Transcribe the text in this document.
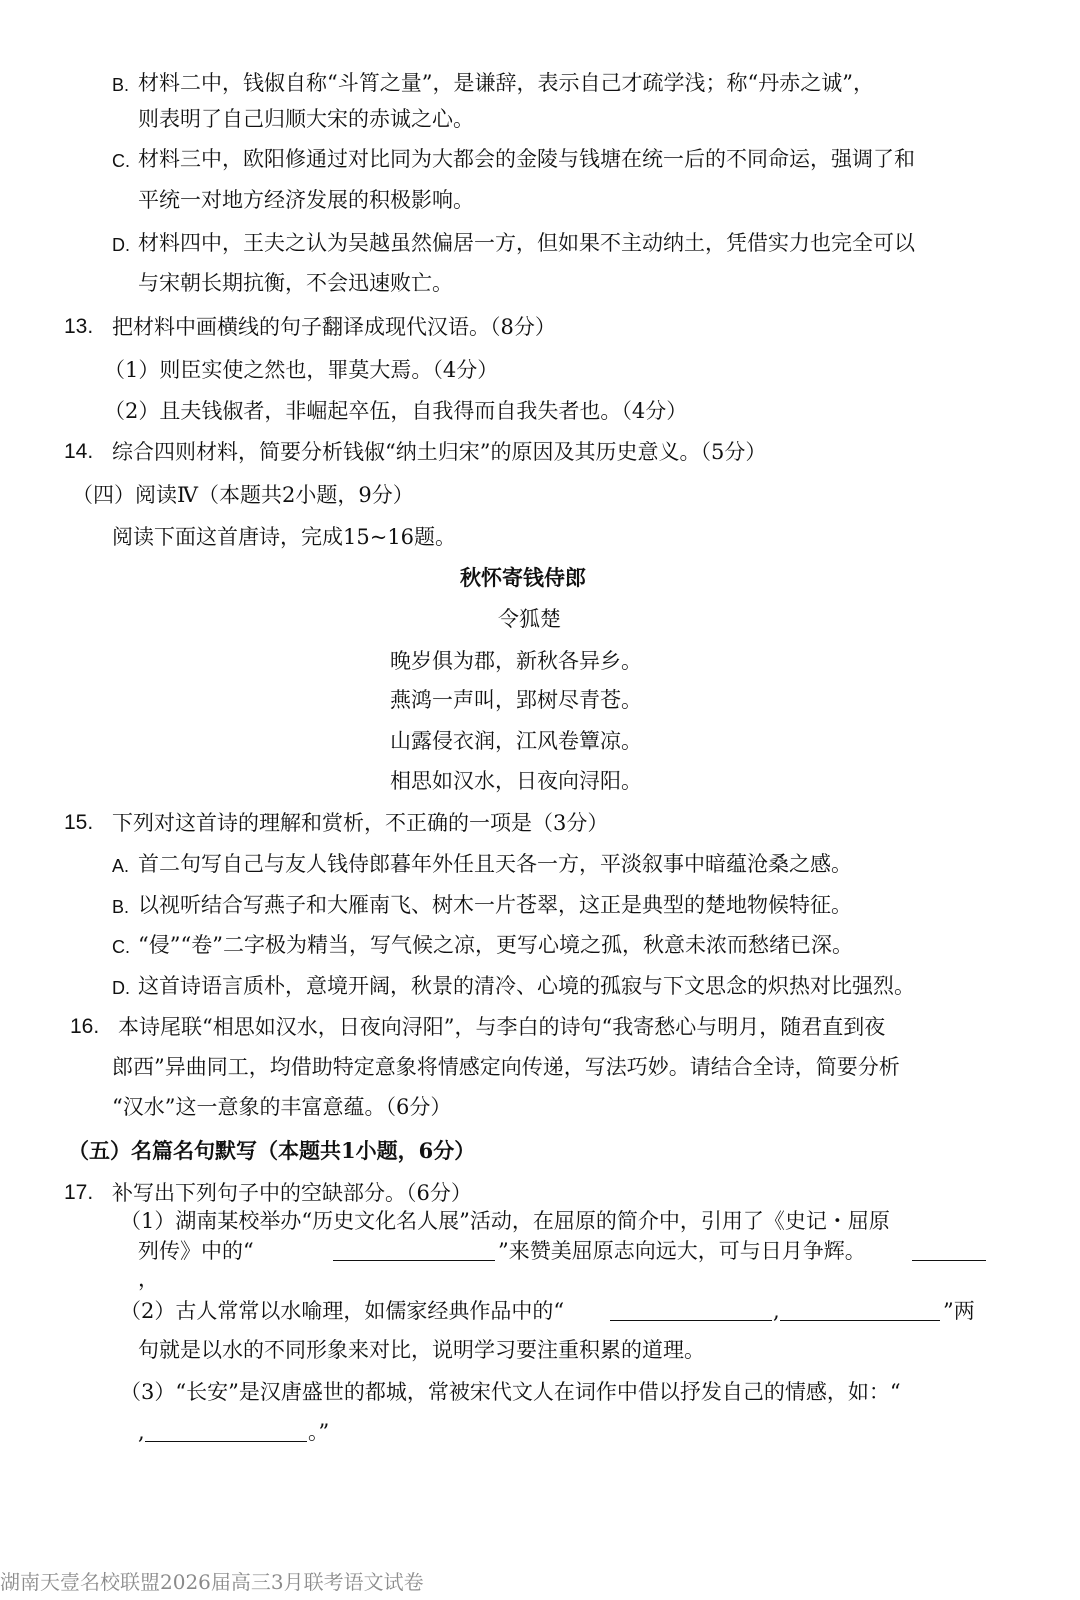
B. 材料二中，钱俶自称“斗筲之量”，是谦辞，表示自己才疏学浅；称“丹赤之诚”，
则表明了自己归顺大宋的赤诚之心。
C. 材料三中，欧阳修通过对比同为大都会的金陵与钱塘在统一后的不同命运，强调了和
平统一对地方经济发展的积极影响。
D. 材料四中，王夫之认为吴越虽然偏居一方，但如果不主动纳土，凭借实力也完全可以
与宋朝长期抗衡，不会迅速败亡。
13. 把材料中画横线的句子翻译成现代汉语。（8分）
（1）则臣实使之然也，罪莫大焉。（4分）
（2）且夫钱俶者，非崛起卒伍，自我得而自我失者也。（4分）
14. 综合四则材料，简要分析钱俶“纳土归宋”的原因及其历史意义。（5分）
（四）阅读Ⅳ（本题共2小题，9分）
阅读下面这首唐诗，完成15~16题。
秋怀寄钱侍郎
令狐楚
晚岁俱为郡，新秋各异乡。
燕鸿一声叫，郢树尽青苍。
山露侵衣润，江风卷簟凉。
相思如汉水，日夜向浔阳。
15. 下列对这首诗的理解和赏析，不正确的一项是（3分）
A. 首二句写自己与友人钱侍郎暮年外任且天各一方，平淡叙事中暗蕴沧桑之感。
B. 以视听结合写燕子和大雁南飞、树木一片苍翠，这正是典型的楚地物候特征。
C. “侵”“卷”二字极为精当，写气候之凉，更写心境之孤，秋意未浓而愁绪已深。
D. 这首诗语言质朴，意境开阔，秋景的清冷、心境的孤寂与下文思念的炽热对比强烈。
16. 本诗尾联“相思如汉水，日夜向浔阳”，与李白的诗句“我寄愁心与明月，随君直到夜
郎西”异曲同工，均借助特定意象将情感定向传递，写法巧妙。请结合全诗，简要分析
“汉水”这一意象的丰富意蕴。（6分）
（五）名篇名句默写（本题共1小题，6分）
17. 补写出下列句子中的空缺部分。（6分）
（1）湖南某校举办“历史文化名人展”活动，在屈原的简介中，引用了《史记・屈原
列传》中的“	”来赞美屈原志向远大，可与日月争辉。
，
（2）古人常常以水喻理，如儒家经典作品中的“	,	”两
句就是以水的不同形象来对比，说明学习要注重积累的道理。
（3）“长安”是汉唐盛世的都城，常被宋代文人在词作中借以抒发自己的情感，如：“
,	。”
湖南天壹名校联盟2026届高三3月联考语文试卷
